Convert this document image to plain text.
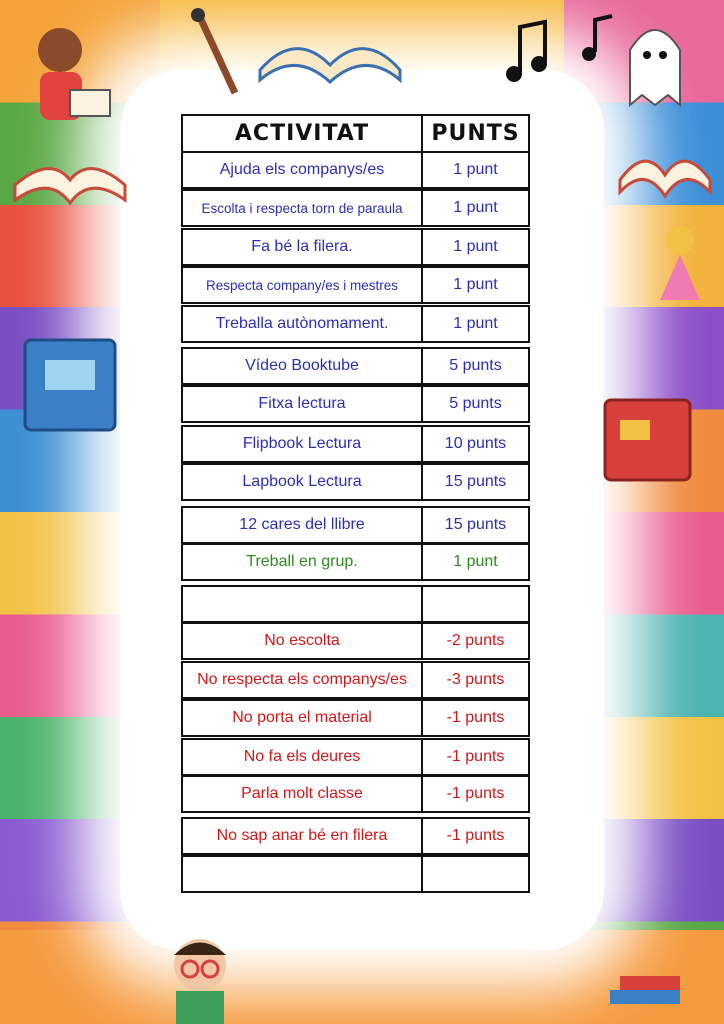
ACTIVITAT	PUNTS
Ajuda els companys/es	1 punt
Escolta i respecta torn de paraula	1 punt
Fa bé la filera.	1 punt
Respecta company/es i mestres	1 punt
Treballa autònomament.	1 punt
Vídeo Booktube	5 punts
Fitxa lectura	5 punts
Flipbook Lectura	10 punts
Lapbook Lectura	15 punts
12 cares del llibre	15 punts
Treball en grup.	1 punt
No escolta	-2 punts
No respecta els companys/es	-3 punts
No porta el material	-1 punts
No fa els deures	-1 punts
Parla molt classe	-1 punts
No sap anar bé en filera	-1 punts
